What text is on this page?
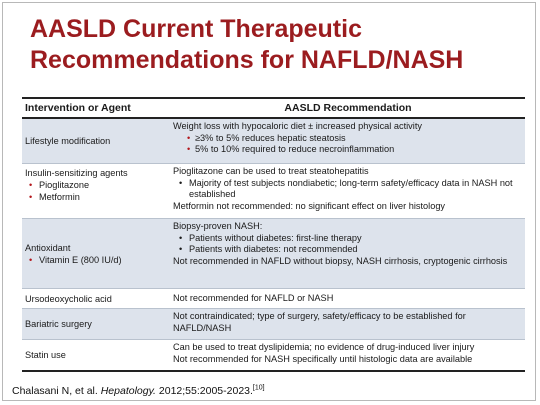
AASLD Current Therapeutic
Recommendations for NAFLD/NASH
Intervention or Agent	AASLD Recommendation
Lifestyle modification
Weight loss with hypocaloric diet ± increased physical activity
• ≥3% to 5% reduces hepatic steatosis
• 5% to 10% required to reduce necroinflammation
Insulin-sensitizing agents
• Pioglitazone
• Metformin
Pioglitazone can be used to treat steatohepatitis
• Majority of test subjects nondiabetic; long-term safety/efficacy data in NASH not established
Metformin not recommended: no significant effect on liver histology
Antioxidant
• Vitamin E (800 IU/d)
Biopsy-proven NASH:
• Patients without diabetes: first-line therapy
• Patients with diabetes: not recommended
Not recommended in NAFLD without biopsy, NASH cirrhosis, cryptogenic cirrhosis
Ursodeoxycholic acid	Not recommended for NAFLD or NASH
Bariatric surgery
Not contraindicated; type of surgery, safety/efficacy to be established for NAFLD/NASH
Statin use
Can be used to treat dyslipidemia; no evidence of drug-induced liver injury
Not recommended for NASH specifically until histologic data are available
Chalasani N, et al. Hepatology. 2012;55:2005-2023.[10]
